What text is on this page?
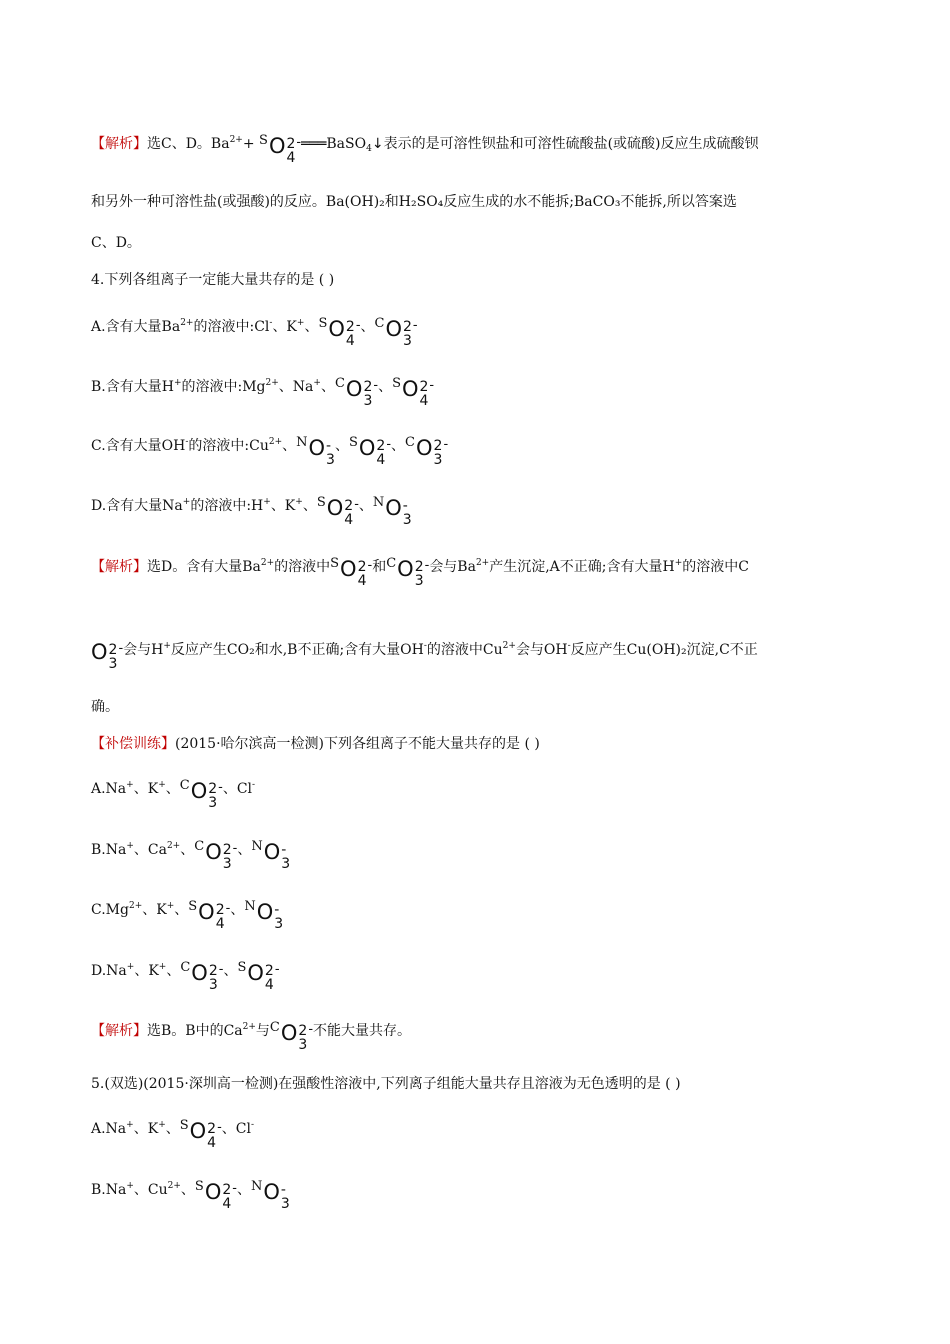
【解析】选C、D。$Ba^{2+}+$ SO 2
4
-═══BaSO$_4$↓表示的是可溶性钡盐和可溶性硫酸盐(或硫酸)反应生成硫酸钡
和另外一种可溶性盐(或强酸)的反应。Ba(OH)₂和H₂SO₄反应生成的水不能拆;BaCO₃不能拆,所以答案选
C、D。
4.下列各组离子一定能大量共存的是 ( )
A.含有大量$Ba^{2+}$的溶液中:Cl-、K+、SO 2
4
-、CO 2
3
-
B.含有大量H+的溶液中$:Mg^{2+}$、Na+、CO 2
3
-、SO 2
4
-
C.含有大量OH-的溶液中$:Cu^{2+}$、NO -
3
、SO 2
4
-、CO 2
3
-
D.含有大量Na+的溶液中:H+、K+、SO 2
4
-、NO -
3
【解析】选D。含有大量$Ba^{2+}$的溶液中SO 2
4
-和CO 2
3
-会与$Ba^{2+}$产生沉淀,A不正确;含有大量H+的溶液中C
O 2
3
-会与H+反应产生CO₂和水,B不正确;含有大量OH-的溶液中$Cu^{2+}$会与OH-反应产生Cu(OH)₂沉淀,C不正
确。
【补偿训练】(2015·哈尔滨高一检测)下列各组离子不能大量共存的是 ( )
A.Na+、K+、CO 2
3
-、Cl-
B.Na+、$Ca^{2+}$、CO 2
3
-、NO -
3
$C.Mg^{2+}$、K+、SO 2
4
-、NO -
3
D.Na+、K+、CO 2
3
-、SO 2
4
-
【解析】选B。B中的$Ca^{2+}$与CO 2
3
-不能大量共存。
5.(双选)(2015·深圳高一检测)在强酸性溶液中,下列离子组能大量共存且溶液为无色透明的是 ( )
A.Na+、K+、SO 2
4
-、Cl-
B.Na+、$Cu^{2+}$、SO 2
4
-、NO -
3
